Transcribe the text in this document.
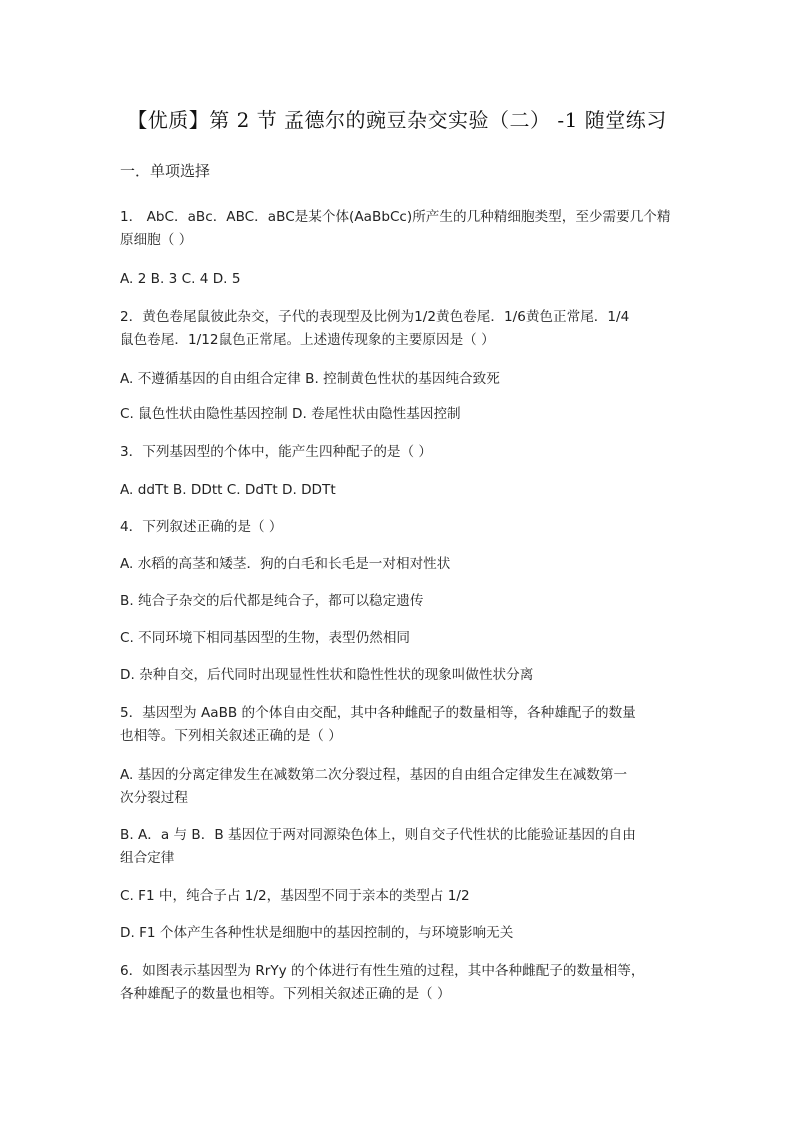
【优质】第 2 节 孟德尔的豌豆杂交实验（二） -1 随堂练习
一．单项选择
1． AbC．aBc．ABC．aBC是某个体(AaBbCc)所产生的几种精细胞类型，至少需要几个精
原细胞（ ）
A. 2 B. 3 C. 4 D. 5
2．黄色卷尾鼠彼此杂交，子代的表现型及比例为1/2黄色卷尾．1/6黄色正常尾．1/4
鼠色卷尾．1/12鼠色正常尾。上述遗传现象的主要原因是（ ）
A. 不遵循基因的自由组合定律 B. 控制黄色性状的基因纯合致死
C. 鼠色性状由隐性基因控制 D. 卷尾性状由隐性基因控制
3．下列基因型的个体中，能产生四种配子的是（ ）
A. ddTt B. DDtt C. DdTt D. DDTt
4．下列叙述正确的是（ ）
A. 水稻的高茎和矮茎．狗的白毛和长毛是一对相对性状
B. 纯合子杂交的后代都是纯合子，都可以稳定遗传
C. 不同环境下相同基因型的生物，表型仍然相同
D. 杂种自交，后代同时出现显性性状和隐性性状的现象叫做性状分离
5．基因型为 AaBB 的个体自由交配，其中各种雌配子的数量相等，各种雄配子的数量
也相等。下列相关叙述正确的是（ ）
A. 基因的分离定律发生在减数第二次分裂过程，基因的自由组合定律发生在减数第一
次分裂过程
B. A．a 与 B．B 基因位于两对同源染色体上，则自交子代性状的比能验证基因的自由
组合定律
C. F1 中，纯合子占 1/2，基因型不同于亲本的类型占 1/2
D. F1 个体产生各种性状是细胞中的基因控制的，与环境影响无关
6．如图表示基因型为 RrYy 的个体进行有性生殖的过程，其中各种雌配子的数量相等，
各种雄配子的数量也相等。下列相关叙述正确的是（ ）
